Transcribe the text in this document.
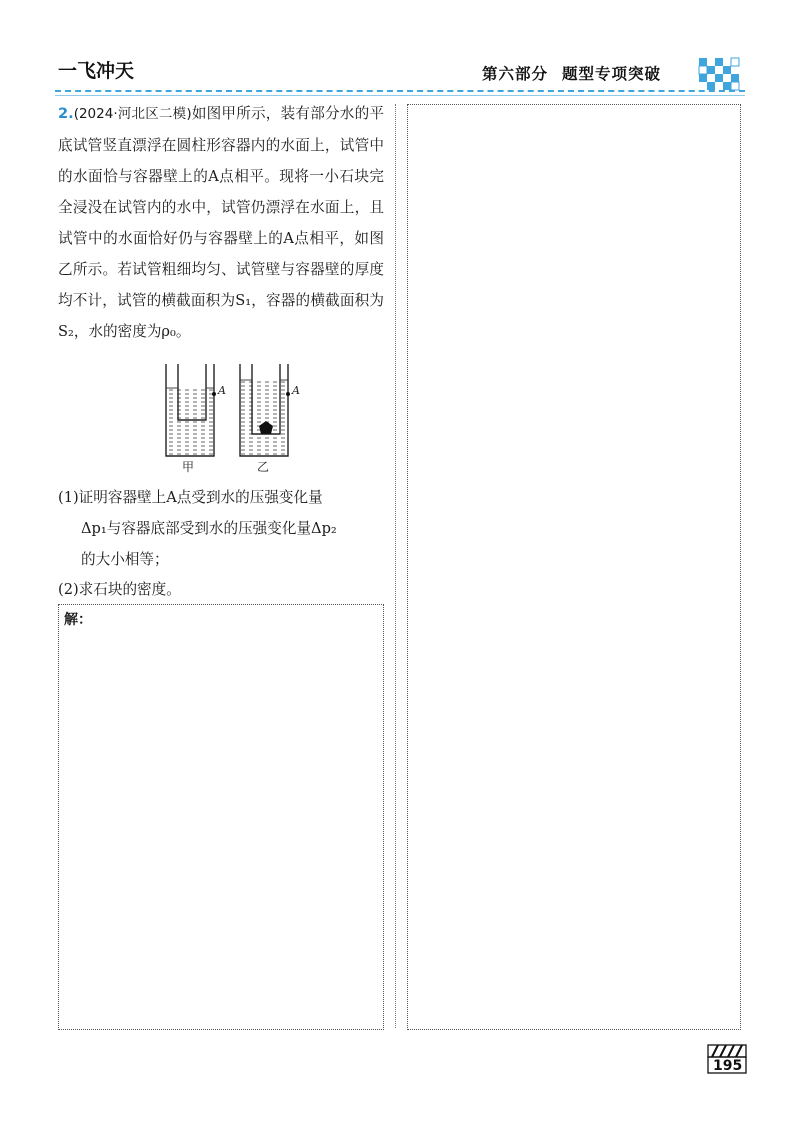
一飞冲天	第六部分 题型专项突破
2.(2024·河北区二模)如图甲所示，装有部分水的平底试管竖直漂浮在圆柱形容器内的水面上，试管中的水面恰与容器壁上的A点相平。现将一小石块完全浸没在试管内的水中，试管仍漂浮在水面上，且试管中的水面恰好仍与容器壁上的A点相平，如图乙所示。若试管粗细均匀、试管壁与容器壁的厚度均不计，试管的横截面积为S₁，容器的横截面积为S₂，水的密度为ρ₀。
A	A
甲	乙
(1)证明容器壁上A点受到水的压强变化量
Δp₁与容器底部受到水的压强变化量Δp₂
的大小相等；
(2)求石块的密度。
解：
195
